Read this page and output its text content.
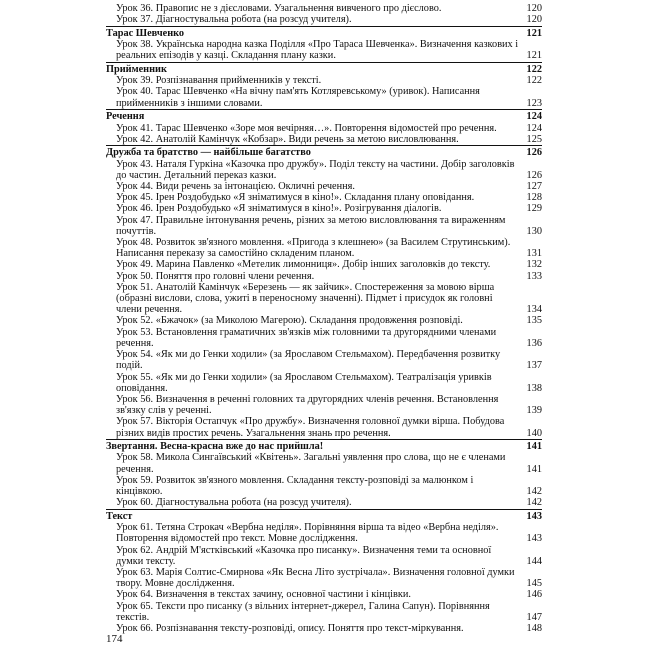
Урок 36. Правопис не з дієсловами. Узагальнення вивченого про дієслово.	120
Урок 37. Діагностувальна робота (на розсуд учителя).	120
Тарас Шевченко	121
Урок 38. Українська народна казка Поділля «Про Тараса Шевченка». Визначення казкових і реальних епізодів у казці. Складання плану казки.	121
Прийменник	122
Урок 39. Розпізнавання прийменників у тексті.	122
Урок 40. Тарас Шевченко «На вічну пам'ять Котляревському» (уривок). Написання прийменників з іншими словами.	123
Речення	124
Урок 41. Тарас Шевченко «Зоре моя вечірняя…». Повторення відомостей про речення.	124
Урок 42. Анатолій Камінчук «Кобзар». Види речень за метою висловлювання.	125
Дружба та братство — найбільше багатство	126
Урок 43. Наталя Гуркіна «Казочка про дружбу». Поділ тексту на частини. Добір заголовків до частин. Детальний переказ казки.	126
Урок 44. Види речень за інтонацією. Окличні речення.	127
Урок 45. Ірен Роздобудько «Я зніматимуся в кіно!». Складання плану оповідання.	128
Урок 46. Ірен Роздобудько «Я зніматимуся в кіно!». Розігрування діалогів.	129
Урок 47. Правильне інтонування речень, різних за метою висловлювання та вираженням почуттів.	130
Урок 48. Розвиток зв'язного мовлення. «Пригода з клешнею» (за Василем Струтинським). Написання переказу за самостійно складеним планом.	131
Урок 49. Марина Павленко «Метелик лимонниця». Добір інших заголовків до тексту.	132
Урок 50. Поняття про головні члени речення.	133
Урок 51. Анатолій Камінчук «Березень — як зайчик». Спостереження за мовою вірша (образні вислови, слова, ужиті в переносному значенні). Підмет і присудок як головні члени речення.	134
Урок 52. «Бжачок» (за Миколою Магерою). Складання продовження розповіді.	135
Урок 53. Встановлення граматичних зв'язків між головними та другорядними членами речення.	136
Урок 54. «Як ми до Генки ходили» (за Ярославом Стельмахом). Передбачення розвитку подій.	137
Урок 55. «Як ми до Генки ходили» (за Ярославом Стельмахом). Театралізація уривків оповідання.	138
Урок 56. Визначення в реченні головних та другорядних членів речення. Встановлення зв'язку слів у реченні.	139
Урок 57. Вікторія Остапчук «Про дружбу». Визначення головної думки вірша. Побудова різних видів простих речень. Узагальнення знань про речення.	140
Звертання. Весна-красна вже до нас прийшла!	141
Урок 58. Микола Сингаївський «Квітень». Загальні уявлення про слова, що не є членами речення.	141
Урок 59. Розвиток зв'язного мовлення. Складання тексту-розповіді за малюнком і кінцівкою.	142
Урок 60. Діагностувальна робота (на розсуд учителя).	142
Текст	143
Урок 61. Тетяна Строкач «Вербна неділя». Порівняння вірша та відео «Вербна неділя». Повторення відомостей про текст. Мовне дослідження.	143
Урок 62. Андрій М'ястківський «Казочка про писанку». Визначення теми та основної думки тексту.	144
Урок 63. Марія Солтис-Смирнова «Як Весна Літо зустрічала». Визначення головної думки твору. Мовне дослідження.	145
Урок 64. Визначення в текстах зачину, основної частини і кінцівки.	146
Урок 65. Тексти про писанку (з вільних інтернет-джерел, Галина Сапун). Порівняння текстів.	147
Урок 66. Розпізнавання тексту-розповіді, опису. Поняття про текст-міркування.	148
174
